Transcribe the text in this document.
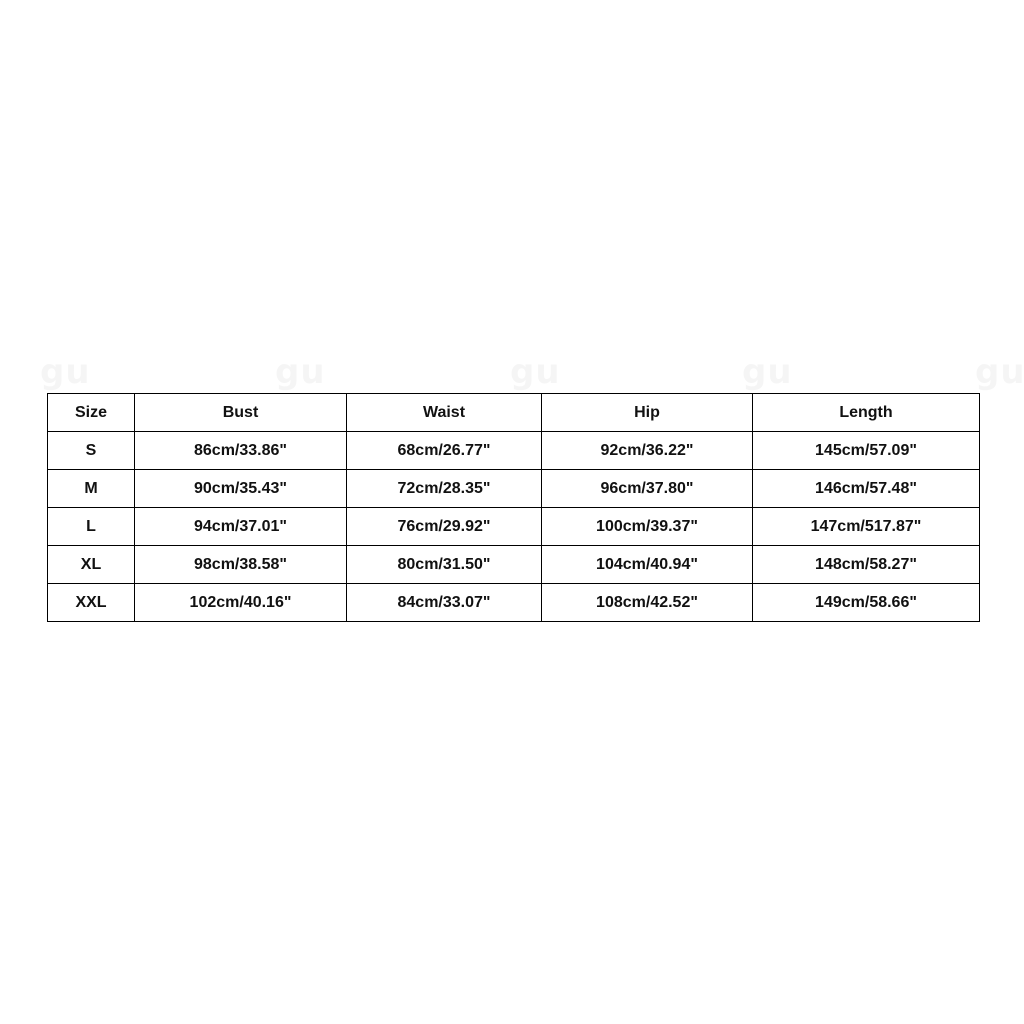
Size	Bust	Waist	Hip	Length
S	86cm/33.86"	68cm/26.77"	92cm/36.22"	145cm/57.09"
M	90cm/35.43"	72cm/28.35"	96cm/37.80"	146cm/57.48"
L	94cm/37.01"	76cm/29.92"	100cm/39.37"	147cm/517.87"
XL	98cm/38.58"	80cm/31.50"	104cm/40.94"	148cm/58.27"
XXL	102cm/40.16"	84cm/33.07"	108cm/42.52"	149cm/58.66"
